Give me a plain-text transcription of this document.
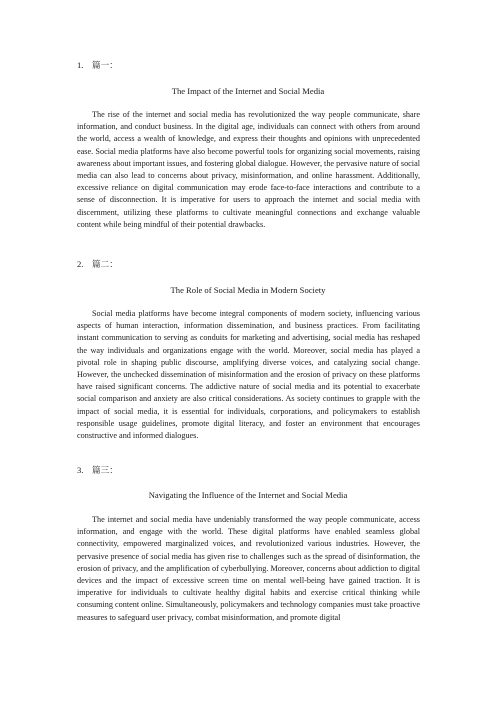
1. 篇一：
The Impact of the Internet and Social Media

The rise of the internet and social media has revolutionized the way people communicate, share information, and conduct business. In the digital age, individuals can connect with others from around the world, access a wealth of knowledge, and express their thoughts and opinions with unprecedented ease. Social media platforms have also become powerful tools for organizing social movements, raising awareness about important issues, and fostering global dialogue. However, the pervasive nature of social media can also lead to concerns about privacy, misinformation, and online harassment. Additionally, excessive reliance on digital communication may erode face-to-face interactions and contribute to a sense of disconnection. It is imperative for users to approach the internet and social media with discernment, utilizing these platforms to cultivate meaningful connections and exchange valuable content while being mindful of their potential drawbacks.

2. 篇二：
The Role of Social Media in Modern Society

Social media platforms have become integral components of modern society, influencing various aspects of human interaction, information dissemination, and business practices. From facilitating instant communication to serving as conduits for marketing and advertising, social media has reshaped the way individuals and organizations engage with the world. Moreover, social media has played a pivotal role in shaping public discourse, amplifying diverse voices, and catalyzing social change. However, the unchecked dissemination of misinformation and the erosion of privacy on these platforms have raised significant concerns. The addictive nature of social media and its potential to exacerbate social comparison and anxiety are also critical considerations. As society continues to grapple with the impact of social media, it is essential for individuals, corporations, and policymakers to establish responsible usage guidelines, promote digital literacy, and foster an environment that encourages constructive and informed dialogues.

3. 篇三：
Navigating the Influence of the Internet and Social Media

The internet and social media have undeniably transformed the way people communicate, access information, and engage with the world. These digital platforms have enabled seamless global connectivity, empowered marginalized voices, and revolutionized various industries. However, the pervasive presence of social media has given rise to challenges such as the spread of disinformation, the erosion of privacy, and the amplification of cyberbullying. Moreover, concerns about addiction to digital devices and the impact of excessive screen time on mental well-being have gained traction. It is imperative for individuals to cultivate healthy digital habits and exercise critical thinking while consuming content online. Simultaneously, policymakers and technology companies must take proactive measures to safeguard user privacy, combat misinformation, and promote digital
